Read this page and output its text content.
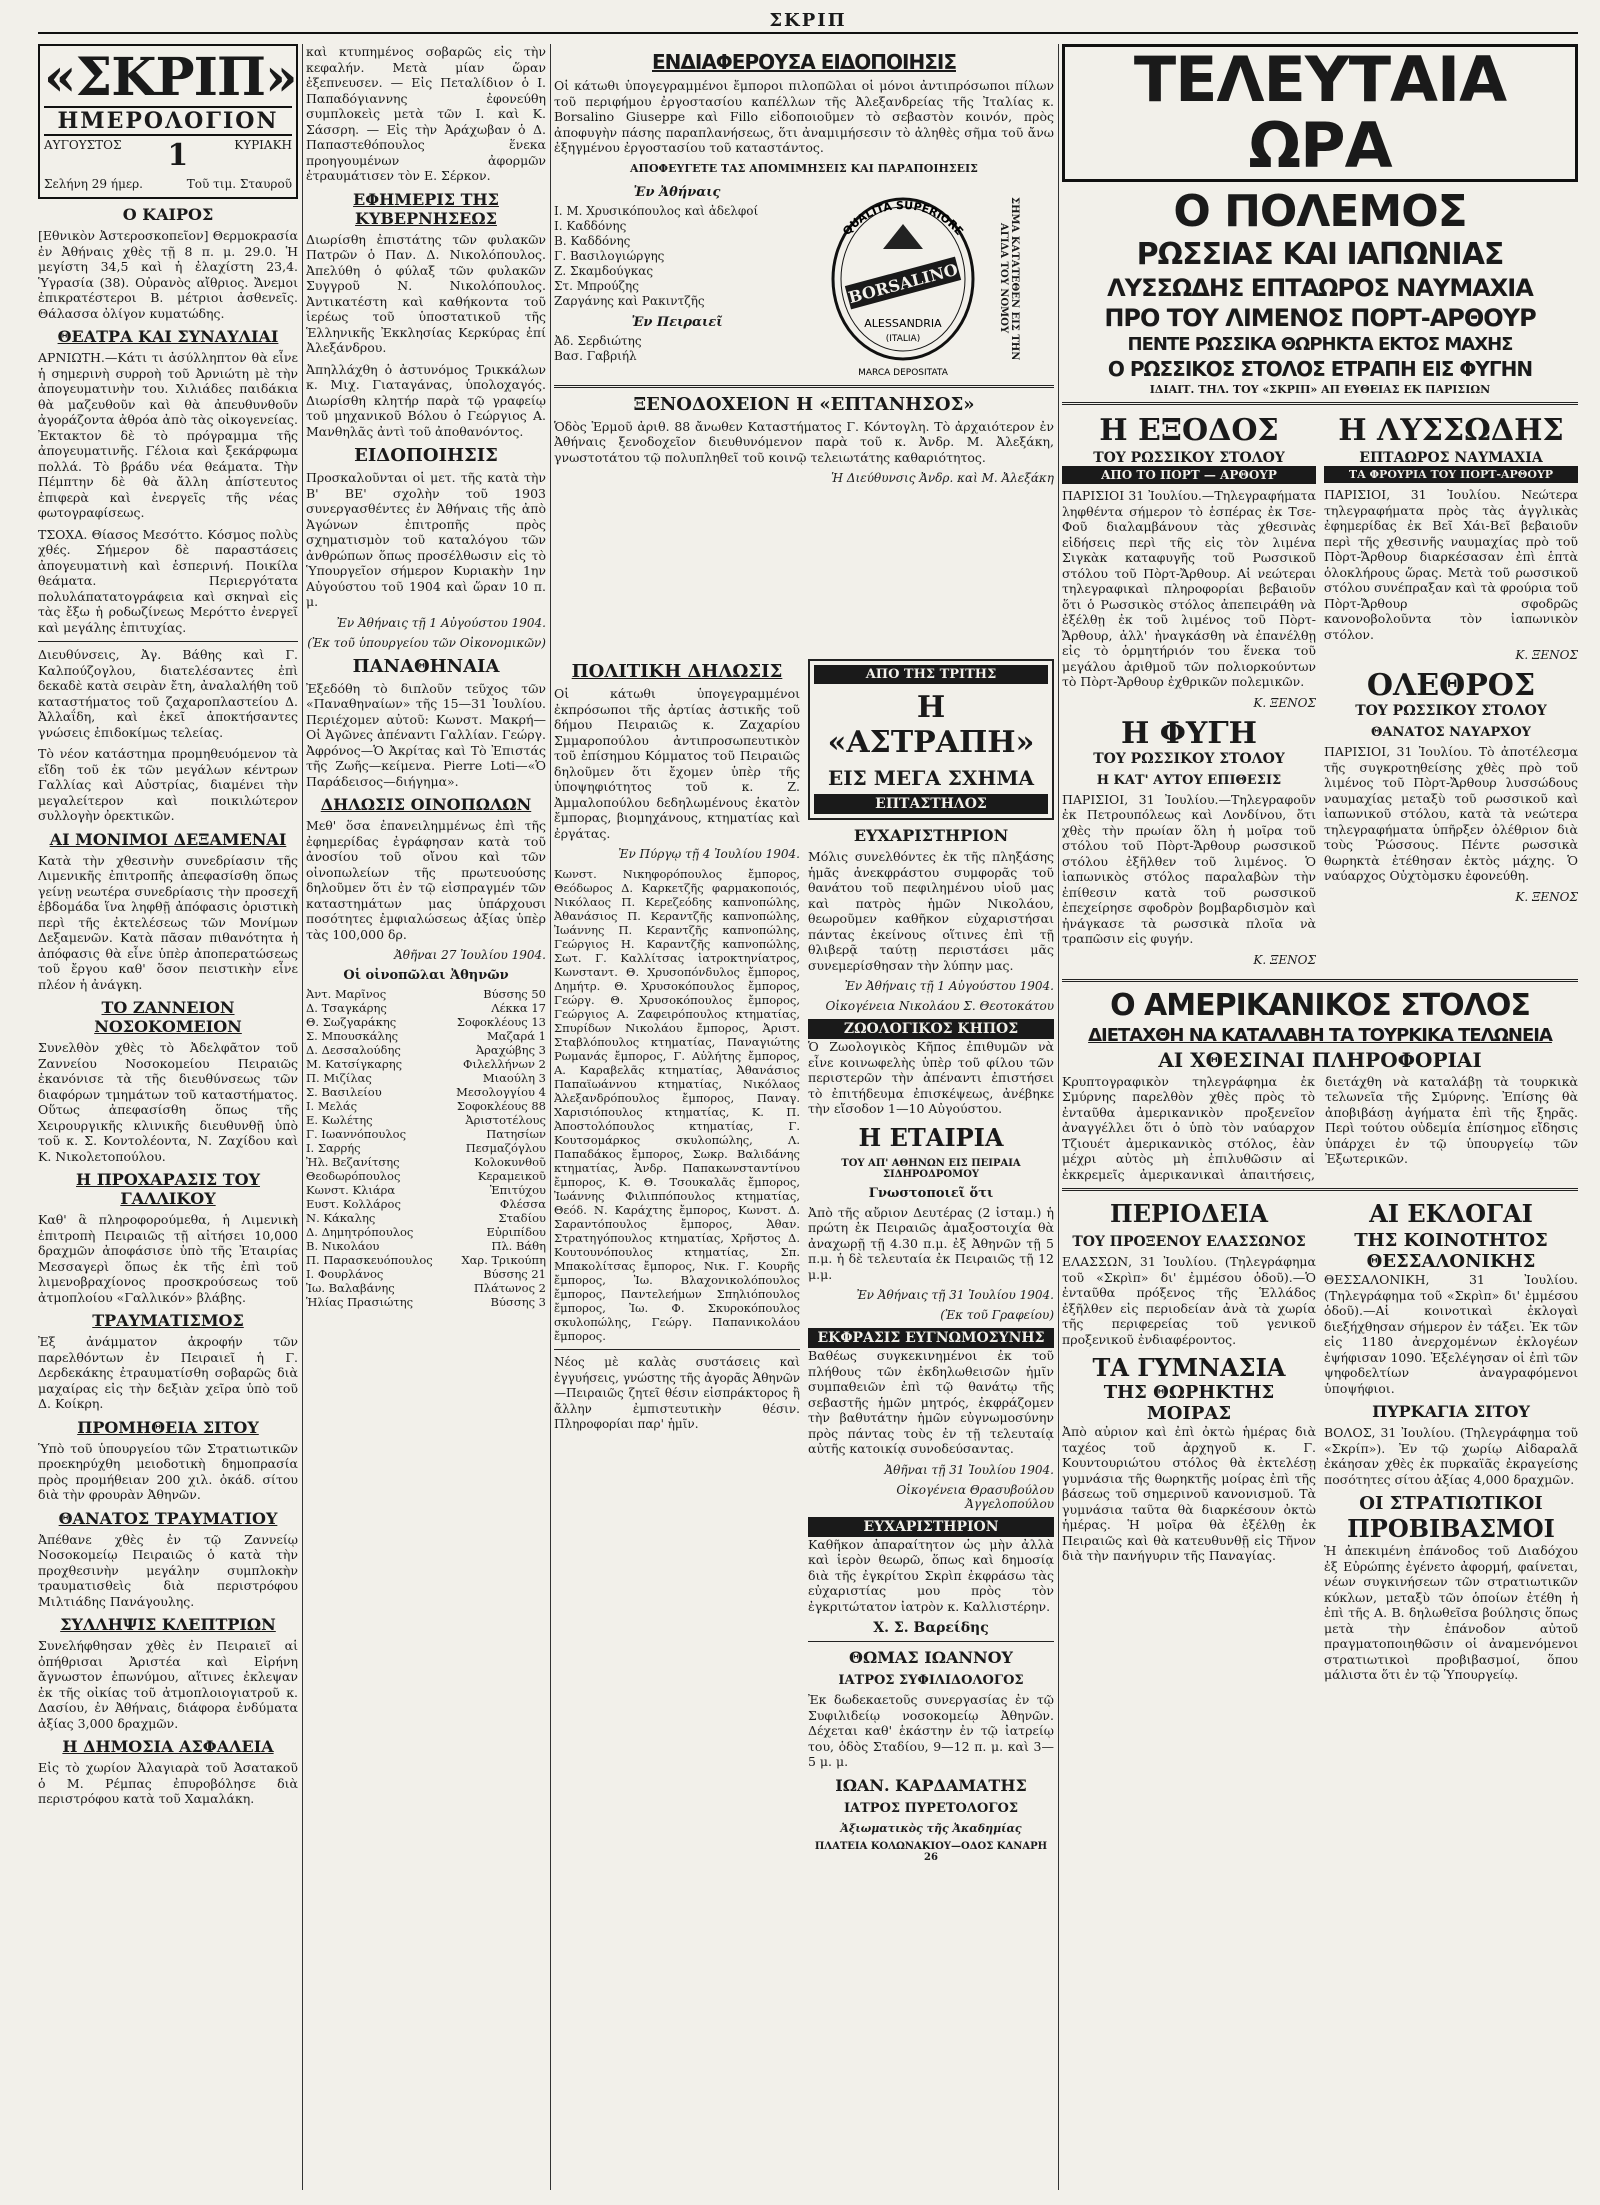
ΣΚΡΙΠ
«ΣΚΡΙΠ»
ΗΜΕΡΟΛΟΓΙΟΝ
ΑΥΓΟΥΣΤΟΣ 1	ΚΥΡΙΑΚΗ
Σελήνη 29 ήμερ.	Τοῦ τιμ. Σταυροῦ
Ο ΚΑΙΡΟΣ

[Εθνικὸν Ἀστεροσκοπεῖον] Θερμοκρασία ἐν Ἀθήναις χθὲς τῇ 8 π. μ. 29.0. Ἡ μεγίστη 34,5 καὶ ἡ ἐλαχίστη 23,4. Ὑγρασία (38). Οὐρανὸς αἴθριος. Ἄνεμοι ἐπικρατέστεροι Β. μέτριοι ἀσθενεῖς. Θάλασσα ὀλίγον κυματώδης.

ΘΕΑΤΡΑ ΚΑΙ ΣΥΝΑΥΛΙΑΙ

ΑΡΝΙΩΤΗ.—Κάτι τι ἀσύλληπτον θὰ εἶνε ἡ σημερινὴ συρροὴ τοῦ Ἀρνιώτη μὲ τὴν ἀπογευματινὴν του. Χιλιάδες παιδάκια θὰ μαζευθοῦν καὶ θὰ ἀπευθυνθοῦν ἀγοράζοντα ἀθρόα ἀπὸ τὰς οἰκογενείας. Ἐκτακτον δὲ τὸ πρόγραμμα τῆς ἀπογευματινῆς. Γέλοια καὶ ξεκάρφωμα πολλά. Τὸ βράδυ νέα θεάματα. Τὴν Πέμπτην δὲ θὰ ἄλλη ἀπίστευτος ἐπιφερὰ καὶ ἐνεργεῖς τῆς νέας φωτογραφίσεως.

ΤΣΟΧΑ. Θίασος Μεσόττο. Κόσμος πολὺς χθές. Σήμερον δὲ παραστάσεις ἀπογευματινὴ καὶ ἑσπερινή. Ποικίλα θεάματα. Περιεργότατα πολυλάπατατογράφεια καὶ σκηναὶ εἰς τὰς ἔξω ἡ ροδωζίνεως Μερόττο ἐνεργεῖ καὶ μεγάλης ἐπιτυχίας.

Διευθύνσεις, Ἀγ. Βάθης καὶ Γ. Καλπούζογλου, διατελέσαντες ἐπὶ δεκαδὲ κατὰ σειρὰν ἔτη, ἀναλαλήθη τοῦ καταστήματος τοῦ ζαχαροπλαστείου Δ. Ἀλλαΐδη, καὶ ἐκεῖ ἀποκτήσαντες γνώσεις ἐπιδοκίμως τελείας.

Τὸ νέον κατάστημα προμηθευόμενον τὰ εἴδη τοῦ ἐκ τῶν μεγάλων κέντρων Γαλλίας καὶ Αὐστρίας, διαμένει τὴν μεγαλείτερον καὶ ποικιλώτερον συλλογὴν ὀρεκτικῶν.

ΑΙ ΜΟΝΙΜΟΙ ΔΕΞΑΜΕΝΑΙ

Κατὰ τὴν χθεσινὴν συνεδρίασιν τῆς Λιμενικῆς ἐπιτροπῆς ἀπεφασίσθη ὅπως γείνῃ νεωτέρα συνεδρίασις τὴν προσεχῆ ἑβδομάδα ἵνα ληφθῇ ἀπόφασις ὁριστικὴ περὶ τῆς ἐκτελέσεως τῶν Μονίμων Δεξαμενῶν. Κατὰ πᾶσαν πιθανότητα ἡ ἀπόφασις θὰ εἶνε ὑπὲρ ἀποπερατώσεως τοῦ ἔργου καθ' ὅσον πειστικὴν εἶνε πλέον ἡ ἀνάγκη.

ΤΟ ΖΑΝΝΕΙΟΝ ΝΟΣΟΚΟΜΕΙΟΝ

Συνελθὸν χθὲς τὸ Ἀδελφᾶτον τοῦ Ζαννείου Νοσοκομείου Πειραιῶς ἐκανόνισε τὰ τῆς διευθύνσεως τῶν διαφόρων τμημάτων τοῦ καταστήματος. Οὕτως ἀπεφασίσθη ὅπως τῆς Χειρουργικῆς κλινικῆς διευθυνθῇ ὑπὸ τοῦ κ. Σ. Κοντολέοντα, Ν. Ζαχίδου καὶ Κ. Νικολετοπούλου.

Η ΠΡΟΧΑΡΑΣΙΣ ΤΟΥ ΓΑΛΛΙΚΟΥ

Καθ' ἃ πληροφορούμεθα, ἡ Λιμενικὴ ἐπιτροπὴ Πειραιῶς τῇ αἰτήσει 10,000 δραχμῶν ἀποφάσισε ὑπὸ τῆς Ἑταιρίας Μεσσαγερὶ ὅπως ἐκ τῆς ἐπὶ τοῦ λιμενοβραχίονος προσκρούσεως τοῦ ἀτμοπλοίου «Γαλλικόν» βλάβης.

ΤΡΑΥΜΑΤΙΣΜΟΣ

Ἐξ ἀνάμματον ἀκροφήν τῶν παρελθόντων ἐν Πειραιεῖ ἡ Γ. Δερδεκάκης ἐτραυματίσθη σοβαρῶς διὰ μαχαίρας εἰς τὴν δεξιὰν χεῖρα ὑπὸ τοῦ Δ. Κοίκρη.

ΠΡΟΜΗΘΕΙΑ ΣΙΤΟΥ

Ὑπὸ τοῦ ὑπουργείου τῶν Στρατιωτικῶν προεκηρύχθη μειοδοτικὴ δημοπρασία πρὸς προμήθειαν 200 χιλ. ὀκάδ. σίτου διὰ τὴν φρουρὰν Ἀθηνῶν.

ΘΑΝΑΤΟΣ ΤΡΑΥΜΑΤΙΟΥ

Ἀπέθανε χθὲς ἐν τῷ Ζαννείῳ Νοσοκομείῳ Πειραιῶς ὁ κατὰ τὴν προχθεσινὴν μεγάλην συμπλοκὴν τραυματισθεὶς διὰ περιστρόφου Μιλτιάδης Πανάγουλης.

ΣΥΛΛΗΨΙΣ ΚΛΕΠΤΡΙΩΝ

Συνελήφθησαν χθὲς ἐν Πειραιεῖ αἱ ὀπήθρισαι Ἀριστέα καὶ Εἰρήνη ἄγνωστον ἐπωνύμου, αἵτινες ἐκλεψαν ἐκ τῆς οἰκίας τοῦ ἀτμοπλοιογιατροῦ κ. Δασίου, ἐν Ἀθήναις, διάφορα ἐνδύματα ἀξίας 3,000 δραχμῶν.

Η ΔΗΜΟΣΙΑ ΑΣΦΑΛΕΙΑ

Εἰς τὸ χωρίον Ἀλαγιαρὰ τοῦ Ἀσατακοῦ ὁ Μ. Ρέμπας ἐπυροβόλησε διὰ περιστρόφου κατὰ τοῦ Χαμαλάκη.

καὶ κτυπημένος σοβαρῶς εἰς τὴν κεφαλήν. Μετὰ μίαν ὥραν ἐξεπνευσεν. — Εἰς Πεταλίδιον ὁ Ι. Παπαδόγιαννης ἐφονεύθη συμπλοκεὶς μετὰ τῶν Ι. καὶ Κ. Σάσσρη. — Εἰς τὴν Ἀράχωβαν ὁ Δ. Παπαστεθόπουλος ἕνεκα προηγουμένων ἀφορμῶν ἐτραυμάτισεν τὸν Ε. Σέρκον.

ΕΦΗΜΕΡΙΣ ΤΗΣ ΚΥΒΕΡΝΗΣΕΩΣ

Διωρίσθη ἐπιστάτης τῶν φυλακῶν Πατρῶν ὁ Παν. Δ. Νικολόπουλος. Ἀπελύθη ὁ φύλαξ τῶν φυλακῶν Συγγροῦ Ν. Νικολόπουλος. Ἀντικατέστη καὶ καθήκοντα τοῦ ἱερέως τοῦ ὑποστατικοῦ τῆς Ἑλληνικῆς Ἐκκλησίας Κερκύρας ἐπί Ἀλεξάνδρου.

Ἀπηλλάχθη ὁ ἀστυνόμος Τρικκάλων κ. Μιχ. Γιαταγάνας, ὑπολοχαγός. Διωρίσθη κλητήρ παρὰ τῷ γραφείῳ τοῦ μηχανικοῦ Βόλου ὁ Γεώργιος Α. Μανθηλᾶς ἀντὶ τοῦ ἀποθανόντος.

ΕΙΔΟΠΟΙΗΣΙΣ

Προσκαλοῦνται οἱ μετ. τῆς κατὰ τὴν Β' ΒΕ' σχολὴν τοῦ 1903 συνεργασθέντες ἐν Ἀθήναις τῆς ἀπὸ Ἀγώνων ἐπιτροπῆς πρὸς σχηματισμὸν τοῦ καταλόγου τῶν ἀνθρώπων ὅπως προσέλθωσιν εἰς τὸ Ὑπουργεῖον σήμερον Κυριακὴν 1ην Αὐγούστου τοῦ 1904 καὶ ὥραν 10 π. μ.

Ἐν Ἀθήναις τῇ 1 Αὐγούστου 1904.
(Ἐκ τοῦ ὑπουργείου τῶν Οἰκονομικῶν)
ΠΑΝΑΘΗΝΑΙΑ

Ἐξεδόθη τὸ διπλοῦν τεῦχος τῶν «Παναθηναίων» τῆς 15—31 Ἰουλίου. Περιέχομεν αὐτοῦ: Κωνστ. Μακρή—Οἱ Ἀγῶνες ἀπέναντι Γαλλίαν. Γεώργ. Ἀφρόνος—Ὁ Ἀκρίτας καὶ Τὸ Ἐπιστάς τῆς Ζωῆς—κείμενα. Pierre Loti—«Ὁ Παράδεισος—διήγημα».

ΔΗΛΩΣΙΣ ΟΙΝΟΠΩΛΩΝ

Μεθ' ὅσα ἐπανειλημμένως ἐπὶ τῆς ἐφημερίδας ἐγράφησαν κατὰ τοῦ ἀνοσίου τοῦ οἴνου καὶ τῶν οἰνοπωλείων τῆς πρωτευούσης δηλοῦμεν ὅτι ἐν τῷ εἰσπραγμέν τῶν καταστημάτων μας ὑπάρχουσι ποσότητες ἐμφιαλώσεως ἀξίας ὑπὲρ τὰς 100,000 δρ.

Ἀθῆναι 27 Ἰουλίου 1904.
Οἱ οἰνοπῶλαι Ἀθηνῶν
Ἀντ. Μαρῖνος	Βύσσης 50
Δ. Τσαγκάρης	Λέκκα 17
Θ. Σωζγαράκης	Σοφοκλέους 13
Σ. Μπουσκάλης	Μαζαρά 1
Δ. Δεσσαλούδης	Ἀραχώβης 3
Μ. Κατσίγκαρης	Φιλελλήνων 2
Π. Μιζίλας	Μιαούλη 3
Σ. Βασιλείου	Μεσολογγίου 4
Ι. Μελάς	Σοφοκλέους 88
Ε. Κωλέτης	Ἀριστοτέλους
Γ. Ιωαννόπουλος	Πατησίων
Ι. Σαρρής	Πεσμαζόγλου
Ἠλ. Βεζανίτσης	Κολοκυνθοῦ
Θεοδωρόπουλος	Κεραμεικοῦ
Κωνστ. Κλιάρα	Ἐπιτύχου
Ευστ. Κολλάρος	Φλέσσα
Ν. Κάκαλης	Σταδίου
Δ. Δημητρόπουλος	Εὐριπίδου
Β. Νικολάου	Πλ. Βάθη
Π. Παρασκευόπουλος	Χαρ. Τρικούπη
Ι. Φουρλάνος	Βύσσης 21
Ἰω. Βαλαβάνης	Πλάτωνος 2
Ἡλίας Πρασιώτης	Βύσσης 3
ΕΝΔΙΑΦΕΡΟΥΣΑ ΕΙΔΟΠΟΙΗΣΙΣ

Οἱ κάτωθι ὑπογεγραμμένοι ἔμποροι πιλοπῶλαι οἱ μόνοι ἀντιπρόσωποι πίλων τοῦ περιφήμου ἐργοστασίου καπέλλων τῆς Ἀλεξανδρείας τῆς Ἰταλίας κ. Borsalino Giuseppe καὶ Fillo εἰδοποιοῦμεν τὸ σεβαστὸν κοινόν, πρὸς ἀποφυγὴν πάσης παραπλανήσεως, ὅτι ἀναμιμήσεσιν τὸ ἀληθὲς σῆμα τοῦ ἄνω ἐξηγμένου ἐργοστασίου τοῦ καταστάντος.

ΑΠΟΦΕΥΓΕΤΕ ΤΑΣ ΑΠΟΜΙΜΗΣΕΙΣ ΚΑΙ ΠΑΡΑΠΟΙΗΣΕΙΣ
Ἐν Ἀθήναις
Ι. Μ. Χρυσικόπουλος καὶ ἀδελφοί
Ι. Καδδόνης
Β. Καδδόνης
Γ. Βασιλογιώργης
Ζ. Σκαμδούγκας
Στ. Μπρούζης
Ζαργάνης καὶ Ρακιντζῆς
Ἐν Πειραιεῖ
Ἀδ. Σερδιώτης
Βασ. Γαβριήλ
QUALITA SUPERIORE
BORSALINO
ALESSANDRIA
(ITALIA)
MARCA DEPOSITATA
ΣΗΜΑ ΚΑΤΑΤΕΘΕΝ ΕΙΣ ΤΗΝ ΑΓΙΔΑ ΤΟΥ ΝΟΜΟΥ
ΞΕΝΟΔΟΧΕΙΟΝ Η «ΕΠΤΑΝΗΣΟΣ»

Ὁδὸς Ἑρμοῦ ἀριθ. 88 ἄνωθεν Καταστήματος Γ. Κόντογλη. Τὸ ἀρχαιότερον ἐν Ἀθήναις ξενοδοχεῖον διευθυνόμενον παρὰ τοῦ κ. Ἀνδρ. Μ. Ἀλεξάκη, γνωστοτάτου τῷ πολυπληθεῖ τοῦ κοινῷ τελειωτάτης καθαριότητος.

Ἡ Διεύθυνσις Ἀνδρ. καὶ Μ. Ἀλεξάκη
ΠΟΛΙΤΙΚΗ ΔΗΛΩΣΙΣ

Οἱ κάτωθι ὑπογεγραμμένοι ἐκπρόσωποι τῆς ἀρτίας ἀστικῆς τοῦ δήμου Πειραιῶς κ. Ζαχαρίου Σμμαροπούλου ἀντιπροσωπευτικὸν τοῦ ἐπίσημου Κόμματος τοῦ Πειραιῶς δηλοῦμεν ὅτι ἔχομεν ὑπὲρ τῆς ὑποψηφιότητος τοῦ κ. Ζ. Ἀμμαλοπούλου δεδηλωμένους ἑκατὸν ἔμπορας, βιομηχάνους, κτηματίας καὶ ἐργάτας.

Ἐν Πύργῳ τῇ 4 Ἰουλίου 1904.

Κωνστ. Νικηφορόπουλος ἔμπορος, Θεόδωρος Δ. Καρκετζῆς φαρμακοποιός, Νικόλαος Π. Κερεζεόδης καπνοπώλης, Ἀθανάσιος Π. Κεραντζῆς καπνοπώλης, Ἰωάννης Π. Κεραντζῆς καπνοπώλης, Γεώργιος Η. Καραντζῆς καπνοπώλης, Σωτ. Γ. Καλλίτσας ἰατροκτηνίατρος, Κωνσταντ. Θ. Χρυσοπόνδυλος ἔμπορος, Δημήτρ. Θ. Χρυσοκόπουλος ἔμπορος, Γεώργ. Θ. Χρυσοκόπουλος ἔμπορος, Γεώργιος Α. Ζαφειρόπουλος κτηματίας, Σπυρίδων Νικολάου ἔμπορος, Ἀριστ. Σταβλόπουλος κτηματίας, Παναγιώτης Ρωμανάς ἔμπορος, Γ. Αὐλήτης ἔμπορος, Α. Καραβελᾶς κτηματίας, Ἀθανάσιος Παπαϊωάννου κτηματίας, Νικόλαος Ἀλεξανδρόπουλος ἔμπορος, Παναγ. Χαρισιόπουλος κτηματίας, Κ. Π. Ἀποστολόπουλος κτηματίας, Γ. Κουτσομάρκος σκυλοπώλης, Λ. Παπαδάκος ἔμπορος, Σωκρ. Βαλιδάνης κτηματίας, Ἀνδρ. Παπακωνσταντίνου ἔμπορος, Κ. Θ. Τσουκαλᾶς ἔμπορος, Ἰωάννης Φιλιππόπουλος κτηματίας, Θεόδ. Ν. Καράχτης ἔμπορος, Κωνστ. Δ. Σαραντόπουλος ἔμπορος, Ἀθαν. Στρατηγόπουλος κτηματίας, Χρῆστος Δ. Κουτουνόπουλος κτηματίας, Σπ. Μπακολίτσας ἔμπορος, Νικ. Γ. Κουρῆς ἔμπορος, Ἰω. Βλαχονικολόπουλος ἔμπορος, Παντελεήμων Σπηλιόπουλος ἔμπορος, Ἰω. Φ. Σκυροκόπουλος σκυλοπώλης, Γεώργ. Παπανικολάου ἔμπορος.

Νέος μὲ καλὰς συστάσεις καὶ ἐγγυήσεις, γνώστης τῆς ἀγορᾶς Ἀθηνῶν—Πειραιῶς ζητεῖ θέσιν εἰσπράκτορος ἢ ἄλλην ἐμπιστευτικὴν θέσιν. Πληροφορίαι παρ' ἡμῖν.

ΑΠΟ ΤΗΣ ΤΡΙΤΗΣ
Η «ΑΣΤΡΑΠΗ»
ΕΙΣ ΜΕΓΑ ΣΧΗΜΑ
ΕΠΤΑΣΤΗΛΟΣ
ΕΥΧΑΡΙΣΤΗΡΙΟΝ

Μόλις συνελθόντες ἐκ τῆς πληξάσης ἡμᾶς ἀνεκφράστου συμφορᾶς τοῦ θανάτου τοῦ πεφιλημένου υἱοῦ μας καὶ πατρὸς ἡμῶν Νικολάου, θεωροῦμεν καθῆκον εὐχαριστήσαι πάντας ἐκείνους οἵτινες ἐπὶ τῇ θλιβερᾷ ταύτῃ περιστάσει μᾶς συνεμερίσθησαν τὴν λύπην μας.

Ἐν Ἀθήναις τῇ 1 Αὐγούστου 1904.
Οἰκογένεια Νικολάου Σ. Θεοτοκάτου
ΖΩΟΛΟΓΙΚΟΣ ΚΗΠΟΣ

Ὁ Ζωολογικὸς Κῆπος ἐπιθυμῶν νὰ εἶνε κοινωφελὴς ὑπὲρ τοῦ φίλου τῶν περιστερῶν τὴν ἀπέναντι ἐπιστήσει τὸ ἐπιτήδευμα ἐπισκέψεως, ἀνέβηκε τὴν εἴσοδον 1—10 Αὐγούστου.

Η ΕΤΑΙΡΙΑ
ΤΟΥ ΑΠ' ΑΘΗΝΩΝ ΕΙΣ ΠΕΙΡΑΙΑ ΣΙΔΗΡΟΔΡΟΜΟΥ
Γνωστοποιεῖ ὅτι

Ἀπὸ τῆς αὔριον Δευτέρας (2 ἰσταμ.) ἡ πρώτη ἐκ Πειραιῶς ἀμαξοστοιχία θὰ ἀναχωρῇ τῇ 4.30 π.μ. ἐξ Ἀθηνῶν τῇ 5 π.μ. ἡ δὲ τελευταία ἐκ Πειραιῶς τῇ 12 μ.μ.

Ἐν Ἀθήναις τῇ 31 Ἰουλίου 1904.
(Ἐκ τοῦ Γραφείου)
ΕΚΦΡΑΣΙΣ ΕΥΓΝΩΜΟΣΥΝΗΣ

Βαθέως συγκεκινημένοι ἐκ τοῦ πλήθους τῶν ἐκδηλωθεισῶν ἡμῖν συμπαθειῶν ἐπὶ τῷ θανάτῳ τῆς σεβαστῆς ἡμῶν μητρός, ἐκφράζομεν τὴν βαθυτάτην ἡμῶν εὐγνωμοσύνην πρὸς πάντας τοὺς ἐν τῇ τελευταίᾳ αὐτῆς κατοικίᾳ συνοδεύσαντας.

Ἀθῆναι τῇ 31 Ἰουλίου 1904.
Οἰκογένεια Θρασυβούλου Ἀγγελοπούλου
ΕΥΧΑΡΙΣΤΗΡΙΟΝ

Καθῆκον ἀπαραίτητον ὡς μὴν ἀλλὰ καὶ ἱερὸν θεωρῶ, ὅπως καὶ δημοσίᾳ διὰ τῆς ἐγκρίτου Σκρὶπ ἐκφράσω τὰς εὐχαριστίας μου πρὸς τὸν ἐγκριτώτατον ἰατρὸν κ. Καλλιστέρην.

Χ. Σ. Βαρείδης
ΘΩΜΑΣ ΙΩΑΝΝΟΥ
ΙΑΤΡΟΣ ΣΥΦΙΛΙΔΟΛΟΓΟΣ

Ἐκ δωδεκαετοῦς συνεργασίας ἐν τῷ Συφιλιδείῳ νοσοκομείῳ Ἀθηνῶν. Δέχεται καθ' ἑκάστην ἐν τῷ ἰατρείῳ του, ὁδὸς Σταδίου, 9—12 π. μ. καὶ 3—5 μ. μ.

ΙΩΑΝ. ΚΑΡΔΑΜΑΤΗΣ
ΙΑΤΡΟΣ ΠΥΡΕΤΟΛΟΓΟΣ
Ἀξιωματικὸς τῆς Ἀκαδημίας
ΠΛΑΤΕΙΑ ΚΟΛΩΝΑΚΙΟΥ—ΟΔΟΣ ΚΑΝΑΡΗ 26
ΤΕΛΕΥΤΑΙΑ ΩΡΑ
Ο ΠΟΛΕΜΟΣ
ΡΩΣΣΙΑΣ ΚΑΙ ΙΑΠΩΝΙΑΣ
ΛΥΣΣΩΔΗΣ ΕΠΤΑΩΡΟΣ ΝΑΥΜΑΧΙΑ
ΠΡΟ ΤΟΥ ΛΙΜΕΝΟΣ ΠΟΡΤ-ΑΡΘΟΥΡ
ΠΕΝΤΕ ΡΩΣΣΙΚΑ ΘΩΡΗΚΤΑ ΕΚΤΟΣ ΜΑΧΗΣ
Ο ΡΩΣΣΙΚΟΣ ΣΤΟΛΟΣ ΕΤΡΑΠΗ ΕΙΣ ΦΥΓΗΝ
ΙΔΙΑΙΤ. ΤΗΛ. ΤΟΥ «ΣΚΡΙΠ» ΑΠ ΕΥΘΕΙΑΣ ΕΚ ΠΑΡΙΣΙΩΝ
Η ΕΞΟΔΟΣ
ΤΟΥ ΡΩΣΣΙΚΟΥ ΣΤΟΛΟΥ
ΑΠΟ ΤΟ ΠΟΡΤ — ΑΡΘΟΥΡ

ΠΑΡΙΣΙΟΙ 31 Ἰουλίου.—Τηλεγραφήματα ληφθέντα σήμερον τὸ ἑσπέρας ἐκ Τσε-Φοῦ διαλαμβάνουν τὰς χθεσινὰς εἰδήσεις περὶ τῆς εἰς τὸν λιμένα Σιγκὰκ καταφυγῆς τοῦ Ρωσσικοῦ στόλου τοῦ Πὸρτ-Ἄρθουρ. Αἱ νεώτεραι τηλεγραφικαὶ πληροφορίαι βεβαιοῦν ὅτι ὁ Ρωσσικὸς στόλος ἀπεπειράθη νὰ ἐξέλθῃ ἐκ τοῦ λιμένος τοῦ Πὸρτ-Ἄρθουρ, ἀλλ' ἠναγκάσθη νὰ ἐπανέλθῃ εἰς τὸ ὁρμητήριόν του ἕνεκα τοῦ μεγάλου ἀριθμοῦ τῶν πολιορκούντων τὸ Πὸρτ-Ἄρθουρ ἐχθρικῶν πολεμικῶν.

Κ. ΞΕΝΟΣ
Η ΦΥΓΗ
ΤΟΥ ΡΩΣΣΙΚΟΥ ΣΤΟΛΟΥ
Η ΚΑΤ' ΑΥΤΟΥ ΕΠΙΘΕΣΙΣ

ΠΑΡΙΣΙΟΙ, 31 Ἰουλίου.—Τηλεγραφοῦν ἐκ Πετρουπόλεως καὶ Λονδίνου, ὅτι χθὲς τὴν πρωίαν ὅλη ἡ μοῖρα τοῦ στόλου τοῦ Πὸρτ-Ἄρθουρ ρωσσικοῦ στόλου ἐξῆλθεν τοῦ λιμένος. Ὁ ἰαπωνικὸς στόλος παραλαβὼν τὴν ἐπίθεσιν κατὰ τοῦ ρωσσικοῦ ἐπεχείρησε σφοδρὸν βομβαρδισμὸν καὶ ἠνάγκασε τὰ ρωσσικὰ πλοῖα νὰ τραπῶσιν εἰς φυγήν.

Κ. ΞΕΝΟΣ
Η ΛΥΣΣΩΔΗΣ
ΕΠΤΑΩΡΟΣ ΝΑΥΜΑΧΙΑ
ΤΑ ΦΡΟΥΡΙΑ ΤΟΥ ΠΟΡΤ-ΑΡΘΟΥΡ

ΠΑΡΙΣΙΟΙ, 31 Ἰουλίου. Νεώτερα τηλεγραφήματα πρὸς τὰς ἀγγλικὰς ἐφημερίδας ἐκ Βεῖ Χάι-Βεῖ βεβαιοῦν περὶ τῆς χθεσινῆς ναυμαχίας πρὸ τοῦ Πὸρτ-Ἄρθουρ διαρκέσασαν ἐπὶ ἑπτὰ ὁλοκλήρους ὥρας. Μετὰ τοῦ ρωσσικοῦ στόλου συνέπραξαν καὶ τὰ φρούρια τοῦ Πὸρτ-Ἄρθουρ σφοδρῶς κανονοβολοῦντα τὸν ἰαπωνικὸν στόλον.

Κ. ΞΕΝΟΣ
ΟΛΕΘΡΟΣ
ΤΟΥ ΡΩΣΣΙΚΟΥ ΣΤΟΛΟΥ
ΘΑΝΑΤΟΣ ΝΑΥΑΡΧΟΥ

ΠΑΡΙΣΙΟΙ, 31 Ἰουλίου. Τὸ ἀποτέλεσμα τῆς συγκροτηθείσης χθὲς πρὸ τοῦ λιμένος τοῦ Πὸρτ-Ἄρθουρ λυσσώδους ναυμαχίας μεταξὺ τοῦ ρωσσικοῦ καὶ ἰαπωνικοῦ στόλου, κατὰ τὰ νεώτερα τηλεγραφήματα ὑπῆρξεν ὀλέθριον διὰ τοὺς Ῥώσσους. Πέντε ρωσσικὰ θωρηκτὰ ἐτέθησαν ἐκτὸς μάχης. Ὁ ναύαρχος Οὐχτὸμσκυ ἐφονεύθη.

Κ. ΞΕΝΟΣ
Ο ΑΜΕΡΙΚΑΝΙΚΟΣ ΣΤΟΛΟΣ
ΔΙΕΤΑΧΘΗ ΝΑ ΚΑΤΑΛΑΒΗ ΤΑ ΤΟΥΡΚΙΚΑ ΤΕΛΩΝΕΙΑ
ΑΙ ΧΘΕΣΙΝΑΙ ΠΛΗΡΟΦΟΡΙΑΙ

Κρυπτογραφικὸν τηλεγράφημα ἐκ Σμύρνης παρελθὸν χθὲς πρὸς τὸ ἐνταῦθα ἀμερικανικὸν προξενεῖον ἀναγγέλλει ὅτι ὁ ὑπὸ τὸν ναύαρχον Τζιουέτ ἀμερικανικὸς στόλος, ἐὰν μέχρι αὐτὸς μὴ ἐπιλυθῶσιν αἱ ἐκκρεμεῖς ἀμερικανικαὶ ἀπαιτήσεις, διετάχθη νὰ καταλάβῃ τὰ τουρκικὰ τελωνεῖα τῆς Σμύρνης. Ἐπίσης θὰ ἀποβιβάσῃ ἀγήματα ἐπὶ τῆς ξηρᾶς. Περὶ τούτου οὐδεμία ἐπίσημος εἴδησις ὑπάρχει ἐν τῷ ὑπουργείῳ τῶν Ἐξωτερικῶν.

ΠΕΡΙΟΔΕΙΑ
ΤΟΥ ΠΡΟΞΕΝΟΥ ΕΛΑΣΣΩΝΟΣ

ΕΛΑΣΣΩΝ, 31 Ἰουλίου. (Τηλεγράφημα τοῦ «Σκρὶπ» δι' ἐμμέσου ὁδοῦ).—Ὁ ἐνταῦθα πρόξενος τῆς Ἑλλάδος ἐξῆλθεν εἰς περιοδείαν ἀνὰ τὰ χωρία τῆς περιφερείας τοῦ γενικοῦ προξενικοῦ ἐνδιαφέροντος.

ΤΑ ΓΥΜΝΑΣΙΑ
ΤΗΣ ΘΩΡΗΚΤΗΣ ΜΟΙΡΑΣ

Ἀπὸ αὐριον καὶ ἐπὶ ὀκτὼ ἡμέρας διὰ ταχέος τοῦ ἀρχηγοῦ κ. Γ. Κουντουριώτου στόλος θὰ ἐκτελέσῃ γυμνάσια τῆς θωρηκτῆς μοίρας ἐπὶ τῆς βάσεως τοῦ σημερινοῦ κανονισμοῦ. Τὰ γυμνάσια ταῦτα θὰ διαρκέσουν ὀκτὼ ἡμέρας. Ἡ μοῖρα θὰ ἐξέλθῃ ἐκ Πειραιῶς καὶ θὰ κατευθυνθῇ εἰς Τῆνον διὰ τὴν πανήγυριν τῆς Παναγίας.

ΑΙ ΕΚΛΟΓΑΙ
ΤΗΣ ΚΟΙΝΟΤΗΤΟΣ
ΘΕΣΣΑΛΟΝΙΚΗΣ

ΘΕΣΣΑΛΟΝΙΚΗ, 31 Ἰουλίου. (Τηλεγράφημα τοῦ «Σκρὶπ» δι' ἐμμέσου ὁδοῦ).—Αἱ κοινοτικαὶ ἐκλογαὶ διεξήχθησαν σήμερον ἐν τάξει. Ἐκ τῶν εἰς 1180 ἀνερχομένων ἐκλογέων ἐψήφισαν 1090. Ἐξελέγησαν οἱ ἐπὶ τῶν ψηφοδελτίων ἀναγραφόμενοι ὑποψήφιοι.

ΠΥΡΚΑΓΙΑ ΣΙΤΟΥ

ΒΟΛΟΣ, 31 Ἰουλίου. (Τηλεγράφημα τοῦ «Σκρίπ»). Ἐν τῷ χωρίῳ Αἰδαραλᾶ ἐκάησαν χθὲς ἐκ πυρκαϊᾶς ἐκραγείσης ποσότητες σίτου ἀξίας 4,000 δραχμῶν.

ΟΙ ΣΤΡΑΤΙΩΤΙΚΟΙ
ΠΡΟΒΙΒΑΣΜΟΙ

Ἡ ἀπεκιμένη ἐπάνοδος τοῦ Διαδόχου ἐξ Εὐρώπης ἐγένετο ἀφορμή, φαίνεται, νέων συγκινήσεων τῶν στρατιωτικῶν κύκλων, μεταξὺ τῶν ὁποίων ἐτέθη ἡ ἐπὶ τῆς Α. Β. δηλωθεῖσα βούλησις ὅπως μετὰ τὴν ἐπάνοδον αὐτοῦ πραγματοποιηθῶσιν οἱ ἀναμενόμενοι στρατιωτικοὶ προβιβασμοί, ὅπου μάλιστα ὅτι ἐν τῷ Ὑπουργείῳ.
